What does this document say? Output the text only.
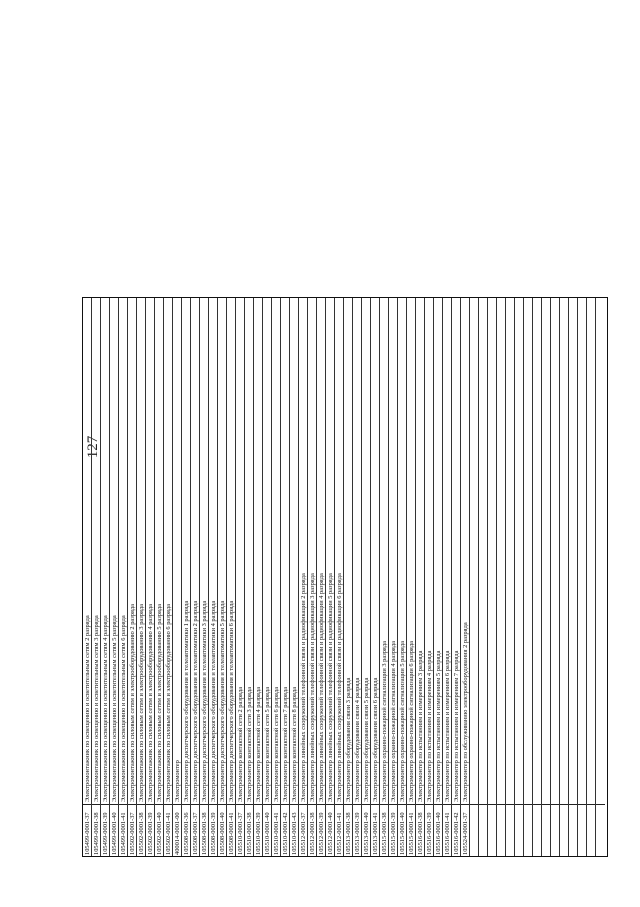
127
105499-0001-37
Электромонтажник по освещению и осветительным сетям 2 разряда
105499-0001-38
Электромонтажник по освещению и осветительным сетям 3 разряда
105499-0001-39
Электромонтажник по освещению и осветительным сетям 4 разряда
105499-0001-40
Электромонтажник по освещению и осветительным сетям 5 разряда
105499-0001-41
Электромонтажник по освещению и осветительным сетям 6 разряда
105502-0001-37
Электромонтажник по силовым сетям и электрооборудованию 2 разряда
105502-0001-38
Электромонтажник по силовым сетям и электрооборудованию 3 разряда
105502-0001-39
Электромонтажник по силовым сетям и электрооборудованию 4 разряда
105502-0001-40
Электромонтажник по силовым сетям и электрооборудованию 5 разряда
105502-0001-41
Электромонтажник по силовым сетям и электрооборудованию 6 разряда
400014-0001-00
Электромонтер
105508-0001-36
Электромонтер диспетчерского оборудования и телеавтоматики 1 разряда
105508-0001-37
Электромонтер диспетчерского оборудования и телеавтоматики 2 разряда
105508-0001-38
Электромонтер диспетчерского оборудования и телеавтоматики 3 разряда
105508-0001-39
Электромонтер диспетчерского оборудования и телеавтоматики 4 разряда
105508-0001-40
Электромонтер диспетчерского оборудования и телеавтоматики 5 разряда
105508-0001-41
Электромонтер диспетчерского оборудования и телеавтоматики 6 разряда
105510-0001-37
Электромонтер контактной сети 2 разряда
105510-0001-38
Электромонтер контактной сети 3 разряда
105510-0001-39
Электромонтер контактной сети 4 разряда
105510-0001-40
Электромонтер контактной сети 5 разряда
105510-0001-41
Электромонтер контактной сети 6 разряда
105510-0001-42
Электромонтер контактной сети 7 разряда
105510-0001-43
Электромонтер контактной сети 8 разряда
105512-0001-37
Электромонтер линейных сооружений телефонной связи и радиофикации 2 разряда
105512-0001-38
Электромонтер линейных сооружений телефонной связи и радиофикации 3 разряда
105512-0001-39
Электромонтер линейных сооружений телефонной связи и радиофикации 4 разряда
105512-0001-40
Электромонтер линейных сооружений телефонной связи и радиофикации 5 разряда
105512-0001-41
Электромонтер линейных сооружений телефонной связи и радиофикации 6 разряда
105513-0001-38
Электромонтер оборудования связи 3 разряда
105513-0001-39
Электромонтер оборудования связи 4 разряда
105513-0001-40
Электромонтер оборудования связи 5 разряда
105513-0001-41
Электромонтер оборудования связи 6 разряда
105515-0001-38
Электромонтер охранно-пожарной сигнализации 3 разряда
105515-0001-39
Электромонтер охранно-пожарной сигнализации 4 разряда
105515-0001-40
Электромонтер охранно-пожарной сигнализации 5 разряда
105515-0001-41
Электромонтер охранно-пожарной сигнализации 6 разряда
105516-0001-38
Электромонтер по испытаниям и измерениям 3 разряда
105516-0001-39
Электромонтер по испытаниям и измерениям 4 разряда
105516-0001-40
Электромонтер по испытаниям и измерениям 5 разряда
105516-0001-41
Электромонтер по испытаниям и измерениям 6 разряда
105516-0001-42
Электромонтер по испытаниям и измерениям 7 разряда
105524-0001-37
Электромонтер по обслуживанию электрооборудования 2 разряда
